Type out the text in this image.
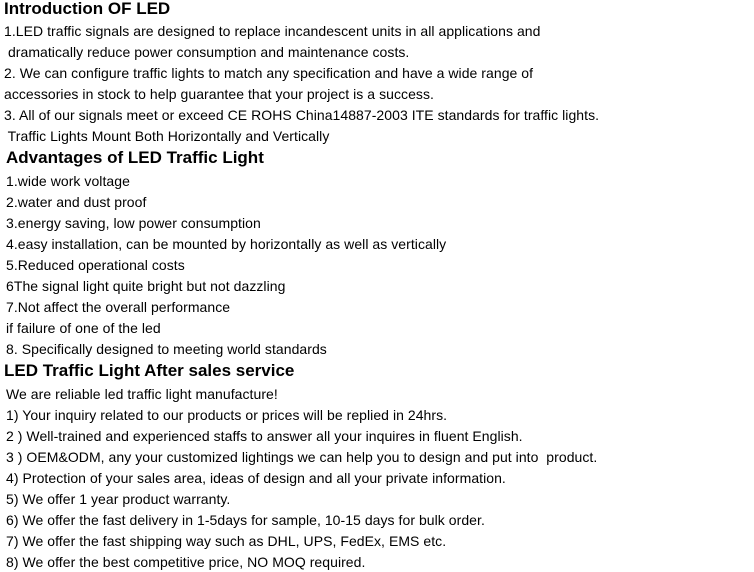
Introduction OF LED
1.LED traffic signals are designed to replace incandescent units in all applications and
dramatically reduce power consumption and maintenance costs.
2. We can configure traffic lights to match any specification and have a wide range of
accessories in stock to help guarantee that your project is a success.
3. All of our signals meet or exceed CE ROHS China14887-2003 ITE standards for traffic lights.
Traffic Lights Mount Both Horizontally and Vertically
Advantages of LED Traffic Light
1.wide work voltage
2.water and dust proof
3.energy saving, low power consumption
4.easy installation, can be mounted by horizontally as well as vertically
5.Reduced operational costs
6The signal light quite bright but not dazzling
7.Not affect the overall performance
if failure of one of the led
8. Specifically designed to meeting world standards
LED Traffic Light After sales service
We are reliable led traffic light manufacture!
1) Your inquiry related to our products or prices will be replied in 24hrs.
2 ) Well-trained and experienced staffs to answer all your inquires in fluent English.
3 ) OEM&ODM, any your customized lightings we can help you to design and put into  product.
4) Protection of your sales area, ideas of design and all your private information.
5) We offer 1 year product warranty.
6) We offer the fast delivery in 1-5days for sample, 10-15 days for bulk order.
7) We offer the fast shipping way such as DHL, UPS, FedEx, EMS etc.
8) We offer the best competitive price, NO MOQ required.
